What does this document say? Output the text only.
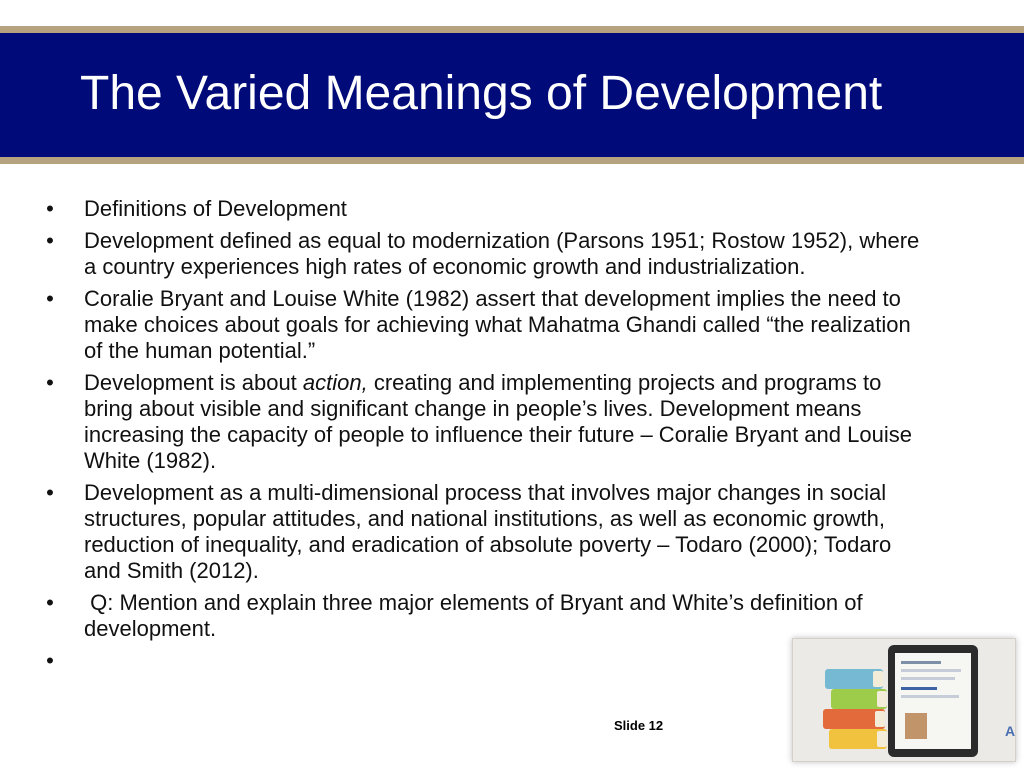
The Varied Meanings of Development
• Definitions of Development
• Development defined as equal to modernization (Parsons 1951; Rostow 1952), where a country experiences high rates of economic growth and industrialization.
• Coralie Bryant and Louise White (1982) assert that development implies the need to make choices about goals for achieving what Mahatma Ghandi called “the realization of the human potential.”
• Development is about action, creating and implementing projects and programs to bring about visible and significant change in people’s lives. Development means increasing the capacity of people to influence their future – Coralie Bryant and Louise White (1982).
• Development as a multi-dimensional process that involves major changes in social structures, popular attitudes, and national institutions, as well as economic growth, reduction of inequality, and eradication of absolute poverty – Todaro (2000); Todaro and Smith (2012).
• Q: Mention and explain three major elements of Bryant and White’s definition of development.
•
Slide 12	A
